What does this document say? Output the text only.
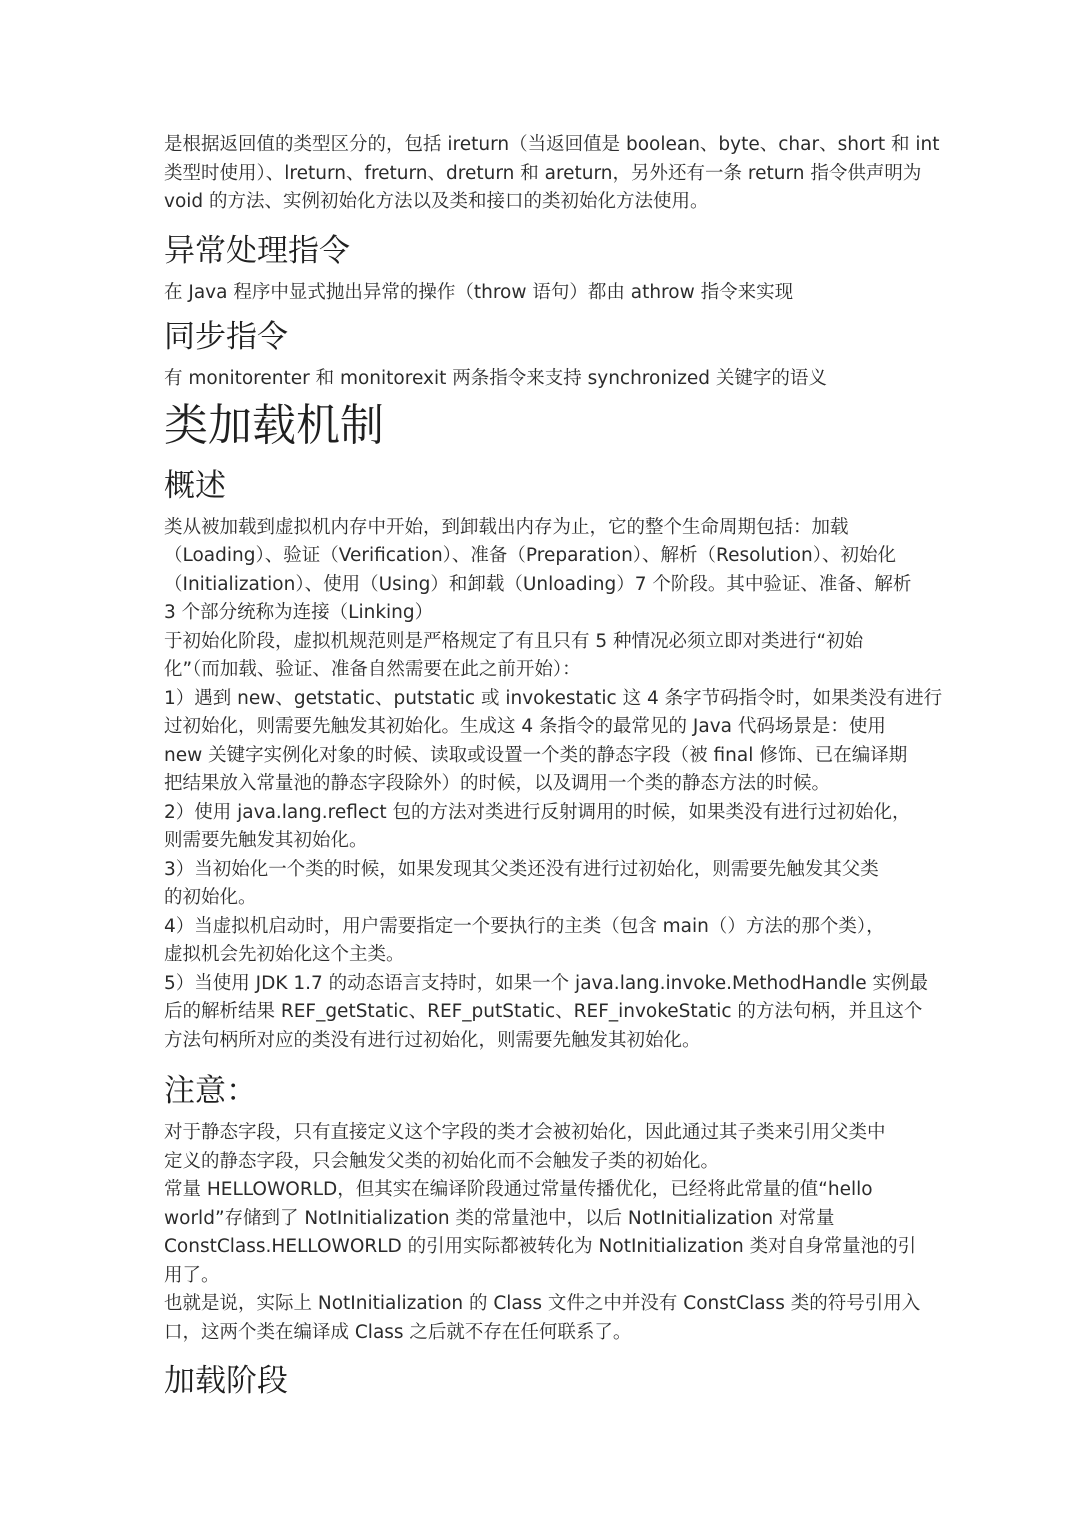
是根据返回值的类型区分的，包括 ireturn（当返回值是 boolean、byte、char、short 和 int

类型时使用）、lreturn、freturn、dreturn 和 areturn，另外还有一条 return 指令供声明为

void 的方法、实例初始化方法以及类和接口的类初始化方法使用。

异常处理指令

在 Java 程序中显式抛出异常的操作（throw 语句）都由 athrow 指令来实现

同步指令

有 monitorenter 和 monitorexit 两条指令来支持 synchronized 关键字的语义

类加载机制
概述

类从被加载到虚拟机内存中开始，到卸载出内存为止，它的整个生命周期包括：加载

（Loading）、验证（Verification）、准备（Preparation）、解析（Resolution）、初始化

（Initialization）、使用（Using）和卸载（Unloading）7 个阶段。其中验证、准备、解析

3 个部分统称为连接（Linking）

于初始化阶段，虚拟机规范则是严格规定了有且只有 5 种情况必须立即对类进行“初始

化”（而加载、验证、准备自然需要在此之前开始）：

1）遇到 new、getstatic、putstatic 或 invokestatic 这 4 条字节码指令时，如果类没有进行

过初始化，则需要先触发其初始化。生成这 4 条指令的最常见的 Java 代码场景是：使用

new 关键字实例化对象的时候、读取或设置一个类的静态字段（被 final 修饰、已在编译期

把结果放入常量池的静态字段除外）的时候，以及调用一个类的静态方法的时候。

2）使用 java.lang.reflect 包的方法对类进行反射调用的时候，如果类没有进行过初始化，

则需要先触发其初始化。

3）当初始化一个类的时候，如果发现其父类还没有进行过初始化，则需要先触发其父类

的初始化。

4）当虚拟机启动时，用户需要指定一个要执行的主类（包含 main（）方法的那个类），

虚拟机会先初始化这个主类。

5）当使用 JDK 1.7 的动态语言支持时，如果一个 java.lang.invoke.MethodHandle 实例最

后的解析结果 REF_getStatic、REF_putStatic、REF_invokeStatic 的方法句柄，并且这个

方法句柄所对应的类没有进行过初始化，则需要先触发其初始化。

注意：

对于静态字段，只有直接定义这个字段的类才会被初始化，因此通过其子类来引用父类中

定义的静态字段，只会触发父类的初始化而不会触发子类的初始化。

常量 HELLOWORLD，但其实在编译阶段通过常量传播优化，已经将此常量的值“hello

world”存储到了 NotInitialization 类的常量池中，以后 NotInitialization 对常量

ConstClass.HELLOWORLD 的引用实际都被转化为 NotInitialization 类对自身常量池的引

用了。

也就是说，实际上 NotInitialization 的 Class 文件之中并没有 ConstClass 类的符号引用入

口，这两个类在编译成 Class 之后就不存在任何联系了。

加载阶段
